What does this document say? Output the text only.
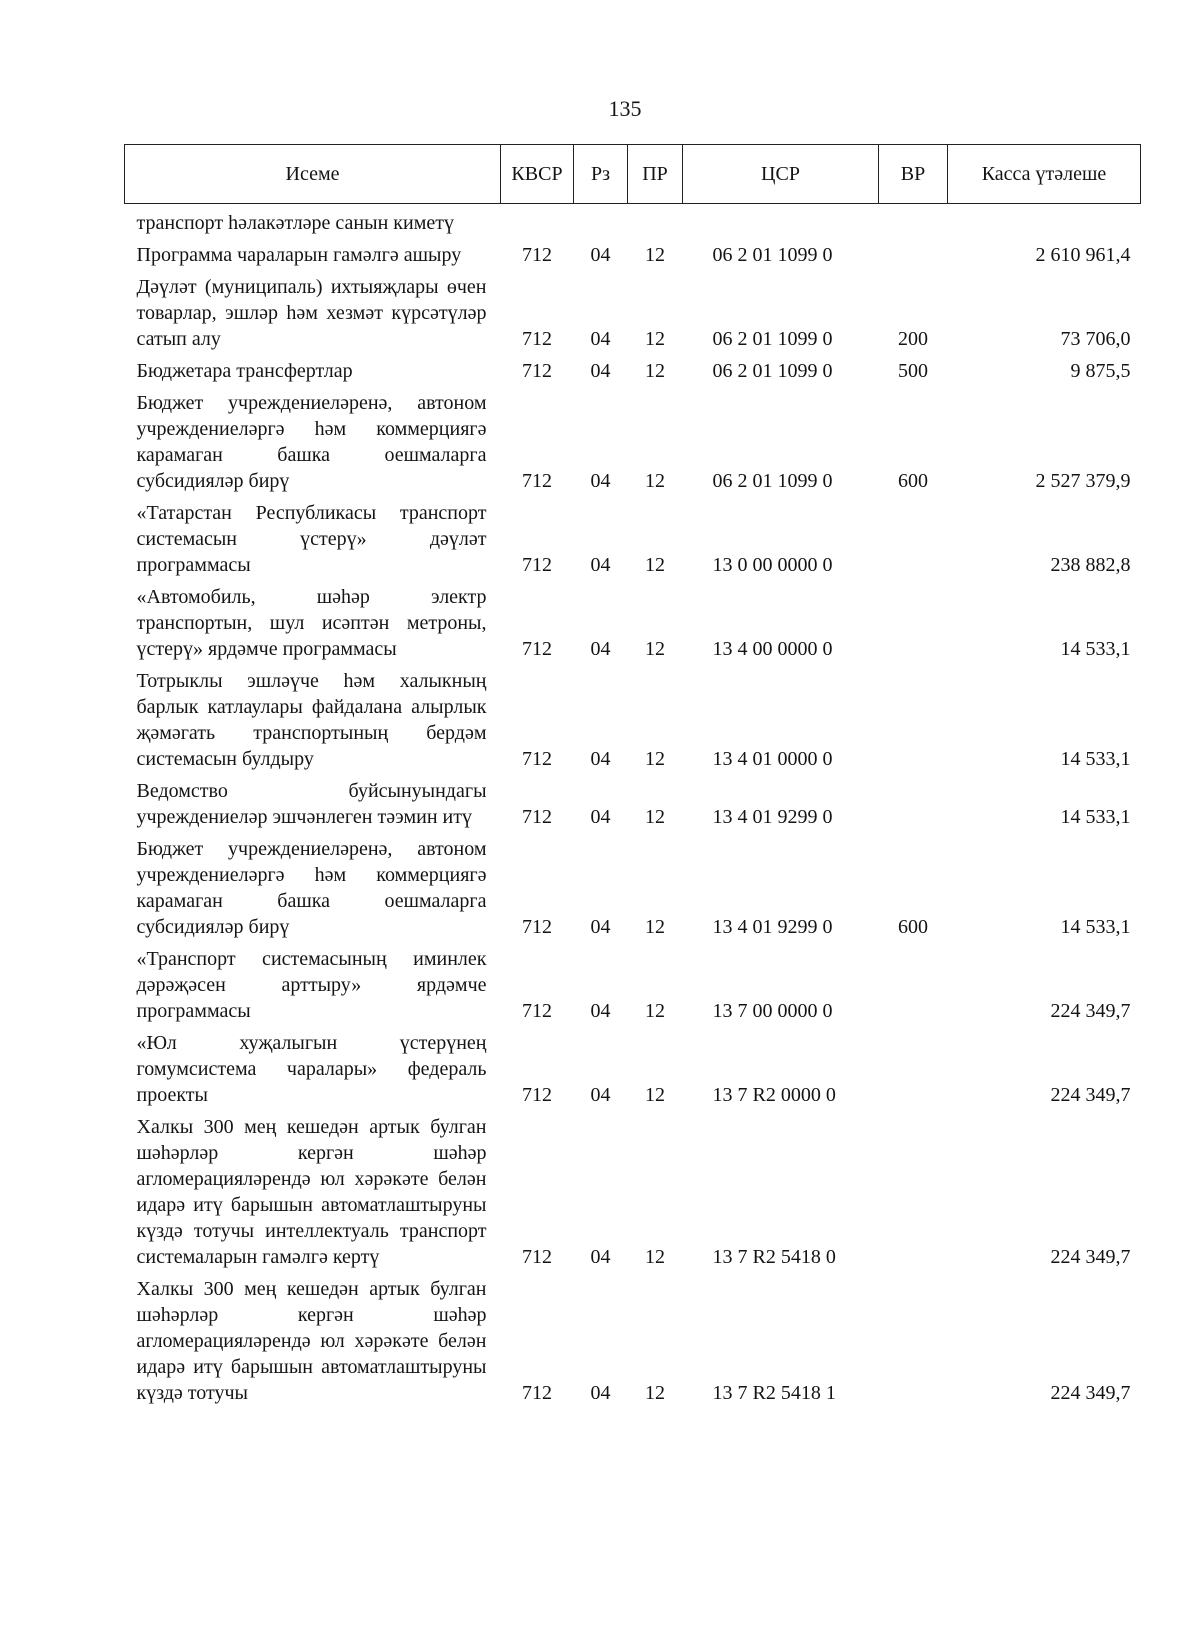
135
Исеме	КВСР	Рз	ПР	ЦСР	ВР	Касса үтәлеше
транспорт һәлакәтләре санын киметү						
Программа чараларын гамәлгә ашыру	712	04	12	06 2 01 1099 0		2 610 961,4
Дәүләт (муниципаль) ихтыяҗлары өчен товарлар, эшләр һәм хезмәт күрсәтүләр сатып алу	712	04	12	06 2 01 1099 0	200	73 706,0
Бюджетара трансфертлар	712	04	12	06 2 01 1099 0	500	9 875,5
Бюджет учреждениеләренә, автоном учреждениеләргә һәм коммерциягә карамаган башка оешмаларга субсидияләр бирү	712	04	12	06 2 01 1099 0	600	2 527 379,9
«Татарстан Республикасы транспорт системасын үстерү» дәүләт программасы	712	04	12	13 0 00 0000 0		238 882,8
«Автомобиль, шәһәр электр транспортын, шул исәптән метроны, үстерү» ярдәмче программасы	712	04	12	13 4 00 0000 0		14 533,1
Тотрыклы эшләүче һәм халыкның барлык катлаулары файдалана алырлык җәмәгать транспортының бердәм системасын булдыру	712	04	12	13 4 01 0000 0		14 533,1
Ведомство буйсынуындагы учреждениеләр эшчәнлеген тәэмин итү	712	04	12	13 4 01 9299 0		14 533,1
Бюджет учреждениеләренә, автоном учреждениеләргә һәм коммерциягә карамаган башка оешмаларга субсидияләр бирү	712	04	12	13 4 01 9299 0	600	14 533,1
«Транспорт системасының иминлек дәрәҗәсен арттыру» ярдәмче программасы	712	04	12	13 7 00 0000 0		224 349,7
«Юл хуҗалыгын үстерүнең гомумсистема чаралары» федераль проекты	712	04	12	13 7 R2 0000 0		224 349,7
Халкы 300 мең кешедән артык булган шәһәрләр кергән шәһәр агломерацияләрендә юл хәрәкәте белән идарә итү барышын автоматлаштыруны күздә тотучы интеллектуаль транспорт системаларын гамәлгә кертү	712	04	12	13 7 R2 5418 0		224 349,7
Халкы 300 мең кешедән артык булган шәһәрләр кергән шәһәр агломерацияләрендә юл хәрәкәте белән идарә итү барышын автоматлаштыруны күздә тотучы	712	04	12	13 7 R2 5418 1		224 349,7
